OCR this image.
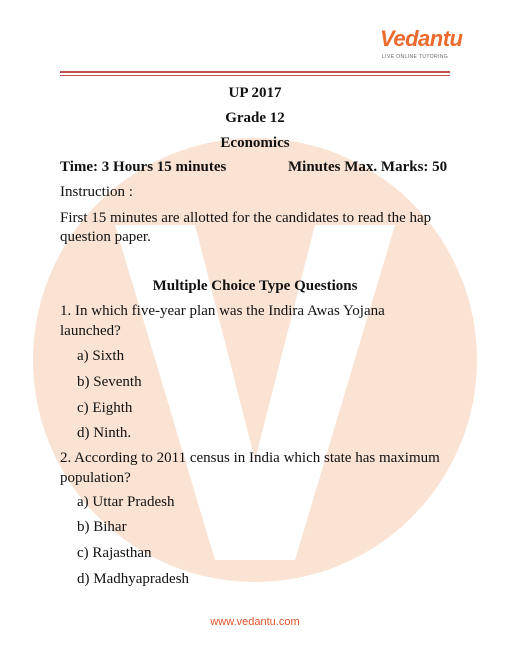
Vedantu
LIVE ONLINE TUTORING
UP 2017
Grade 12
Economics
Time: 3 Hours 15 minutes	Minutes Max. Marks: 50
Instruction :
First 15 minutes are allotted for the candidates to read the hap
question paper.
Multiple Choice Type Questions
1. In which five-year plan was the Indira Awas Yojana
launched?
a) Sixth
b) Seventh
c) Eighth
d) Ninth.
2. According to 2011 census in India which state has maximum
population?
a) Uttar Pradesh
b) Bihar
c) Rajasthan
d) Madhyapradesh
www.vedantu.com
